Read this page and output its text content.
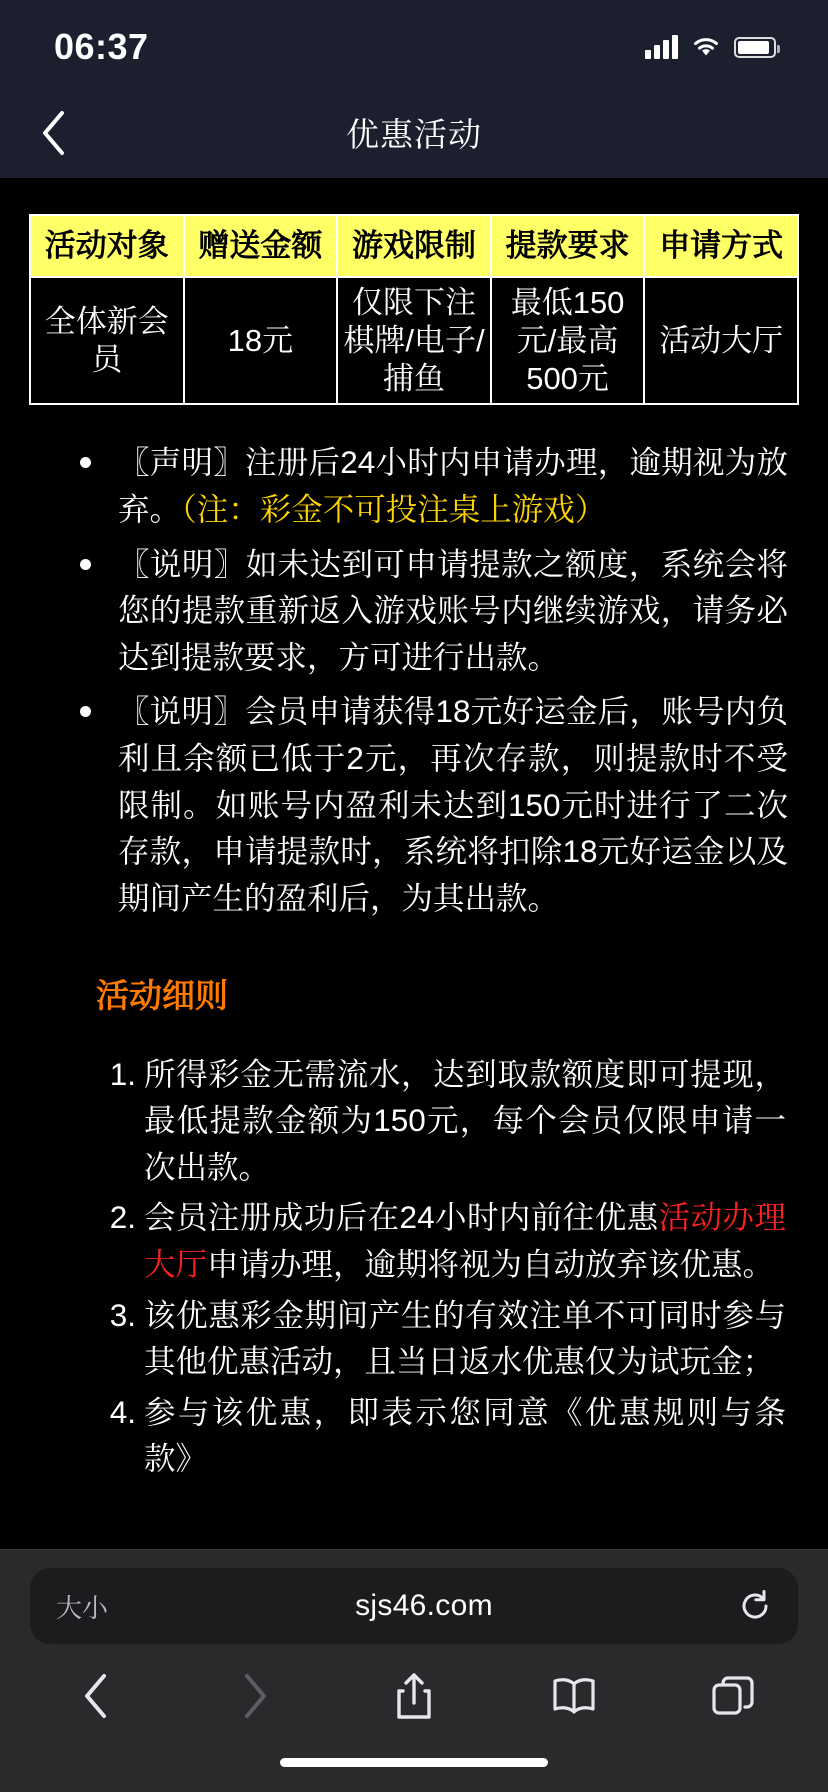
06:37
优惠活动
活动对象	赠送金额	游戏限制	提款要求	申请方式
全体新会员	18元	仅限下注棋牌/电子/捕鱼	最低150元/最高500元	活动大厅
〖声明〗注册后24小时内申请办理，逾期视为放弃。（注：彩金不可投注桌上游戏）
〖说明〗如未达到可申请提款之额度，系统会将您的提款重新返入游戏账号内继续游戏，请务必达到提款要求，方可进行出款。
〖说明〗会员申请获得18元好运金后，账号内负利且余额已低于2元，再次存款，则提款时不受限制。如账号内盈利未达到150元时进行了二次存款，申请提款时，系统将扣除18元好运金以及期间产生的盈利后，为其出款。
活动细则
所得彩金无需流水，达到取款额度即可提现，最低提款金额为150元，每个会员仅限申请一次出款。
会员注册成功后在24小时内前往优惠活动办理大厅申请办理，逾期将视为自动放弃该优惠。
该优惠彩金期间产生的有效注单不可同时参与其他优惠活动，且当日返水优惠仅为试玩金；
参与该优惠，即表示您同意《优惠规则与条款》
大小	sjs46.com
